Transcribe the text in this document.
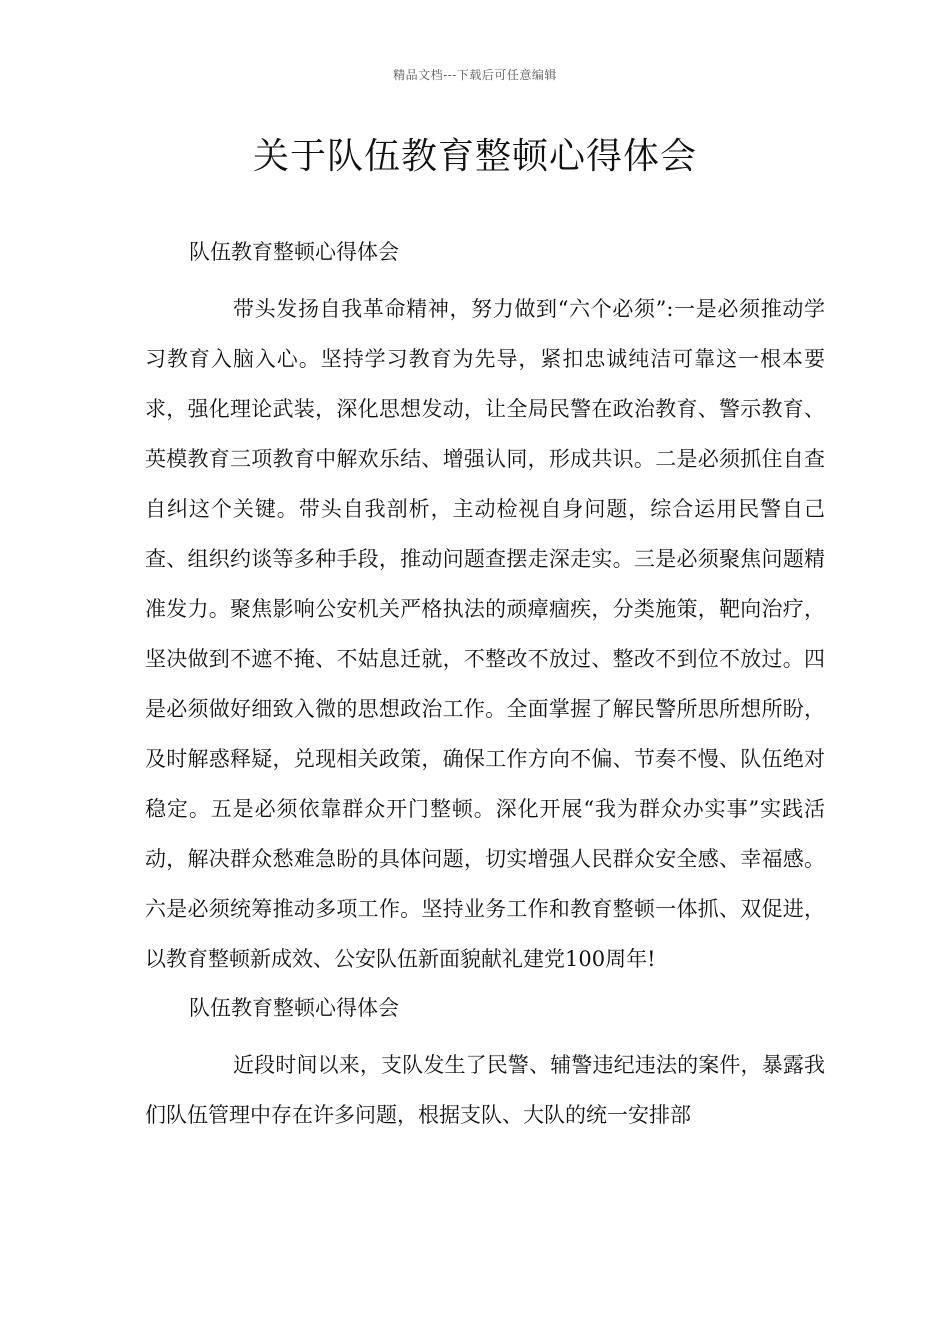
精品文档---下载后可任意编辑
关于队伍教育整顿心得体会

队伍教育整顿心得体会

带头发扬自我革命精神，努力做到“六个必须”:一是必须推动学习教育入脑入心。坚持学习教育为先导，紧扣忠诚纯洁可靠这一根本要求，强化理论武装，深化思想发动，让全局民警在政治教育、警示教育、英模教育三项教育中解欢乐结、增强认同，形成共识。二是必须抓住自查自纠这个关键。带头自我剖析，主动检视自身问题，综合运用民警自己查、组织约谈等多种手段，推动问题查摆走深走实。三是必须聚焦问题精准发力。聚焦影响公安机关严格执法的顽瘴痼疾，分类施策，靶向治疗，坚决做到不遮不掩、不姑息迁就，不整改不放过、整改不到位不放过。四是必须做好细致入微的思想政治工作。全面掌握了解民警所思所想所盼，及时解惑释疑，兑现相关政策，确保工作方向不偏、节奏不慢、队伍绝对稳定。五是必须依靠群众开门整顿。深化开展“我为群众办实事”实践活动，解决群众愁难急盼的具体问题，切实增强人民群众安全感、幸福感。六是必须统筹推动多项工作。坚持业务工作和教育整顿一体抓、双促进，以教育整顿新成效、公安队伍新面貌献礼建党100周年!

队伍教育整顿心得体会

近段时间以来，支队发生了民警、辅警违纪违法的案件，暴露我们队伍管理中存在许多问题，根据支队、大队的统一安排部
